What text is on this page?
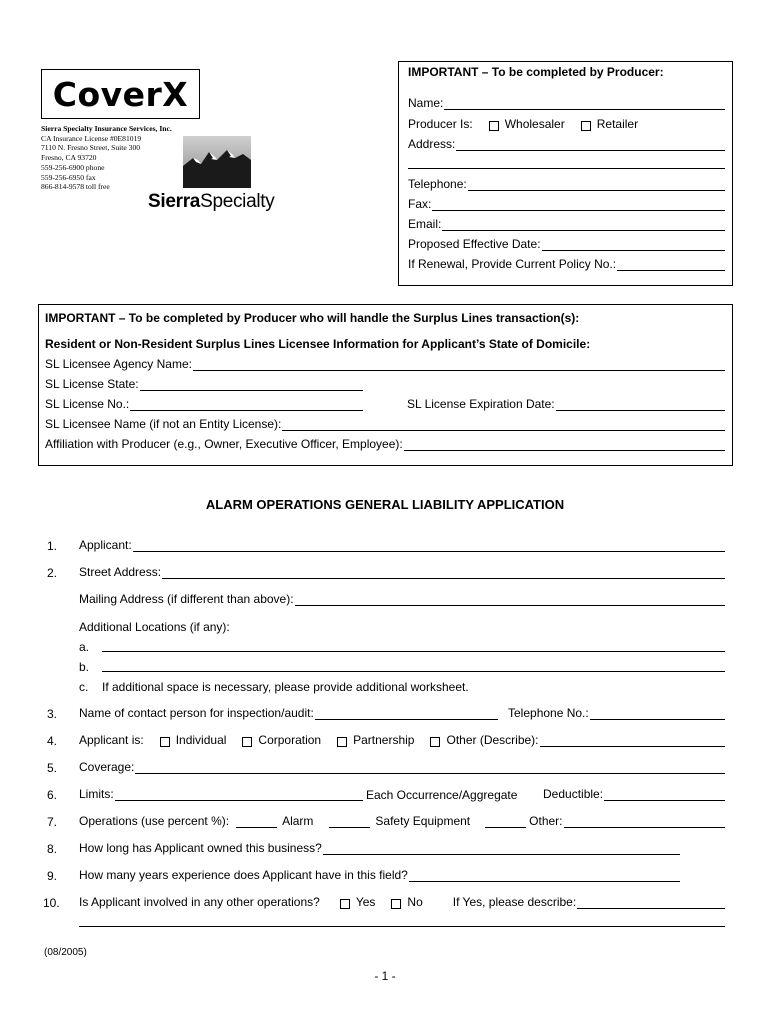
CoverX
Sierra Specialty Insurance Services, Inc.
CA Insurance License #0E81019
7110 N. Fresno Street, Suite 300
Fresno, CA 93720
559-256-6900 phone
559-256-6950 fax
866-814-9578 toll free
SierraSpecialty
IMPORTANT – To be completed by Producer:
Name:
Producer Is:	Wholesaler	Retailer
Address:
Telephone:
Fax:
Email:
Proposed Effective Date:
If Renewal, Provide Current Policy No.:
IMPORTANT – To be completed by Producer who will handle the Surplus Lines transaction(s):
Resident or Non-Resident Surplus Lines Licensee Information for Applicant’s State of Domicile:
SL Licensee Agency Name:
SL License State:
SL License No.:	SL License Expiration Date:
SL Licensee Name (if not an Entity License):
Affiliation with Producer (e.g., Owner, Executive Officer, Employee):
ALARM OPERATIONS GENERAL LIABILITY APPLICATION
1. Applicant:
2. Street Address:
Mailing Address (if different than above):
Additional Locations (if any):
a.
b.
c. If additional space is necessary, please provide additional worksheet.
3. Name of contact person for inspection/audit:	Telephone No.:
4. Applicant is:	Individual	Corporation	Partnership	Other (Describe):
5. Coverage:
6. Limits:	Each Occurrence/Aggregate Deductible:
7. Operations (use percent %):	Alarm	Safety Equipment	Other:
8. How long has Applicant owned this business?
9. How many years experience does Applicant have in this field?
10. Is Applicant involved in any other operations?	Yes	No	If Yes, please describe:
(08/2005)
- 1 -
